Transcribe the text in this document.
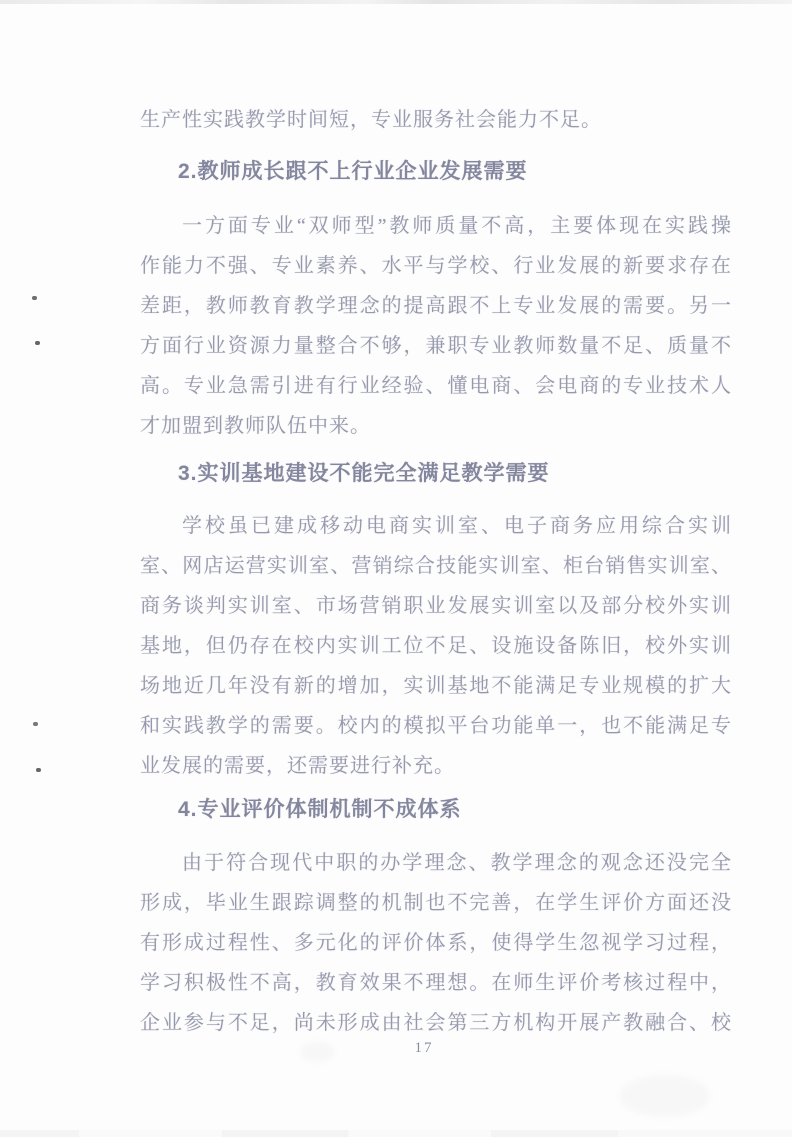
生产性实践教学时间短，专业服务社会能力不足。
2.教师成长跟不上行业企业发展需要
一方面专业“双师型”教师质量不高，主要体现在实践操
作能力不强、专业素养、水平与学校、行业发展的新要求存在
差距，教师教育教学理念的提高跟不上专业发展的需要。另一
方面行业资源力量整合不够，兼职专业教师数量不足、质量不
高。专业急需引进有行业经验、懂电商、会电商的专业技术人
才加盟到教师队伍中来。
3.实训基地建设不能完全满足教学需要
学校虽已建成移动电商实训室、电子商务应用综合实训
室、网店运营实训室、营销综合技能实训室、柜台销售实训室、
商务谈判实训室、市场营销职业发展实训室以及部分校外实训
基地，但仍存在校内实训工位不足、设施设备陈旧，校外实训
场地近几年没有新的增加，实训基地不能满足专业规模的扩大
和实践教学的需要。校内的模拟平台功能单一，也不能满足专
业发展的需要，还需要进行补充。
4.专业评价体制机制不成体系
由于符合现代中职的办学理念、教学理念的观念还没完全
形成，毕业生跟踪调整的机制也不完善，在学生评价方面还没
有形成过程性、多元化的评价体系，使得学生忽视学习过程，
学习积极性不高，教育效果不理想。在师生评价考核过程中，
企业参与不足，尚未形成由社会第三方机构开展产教融合、校
17
